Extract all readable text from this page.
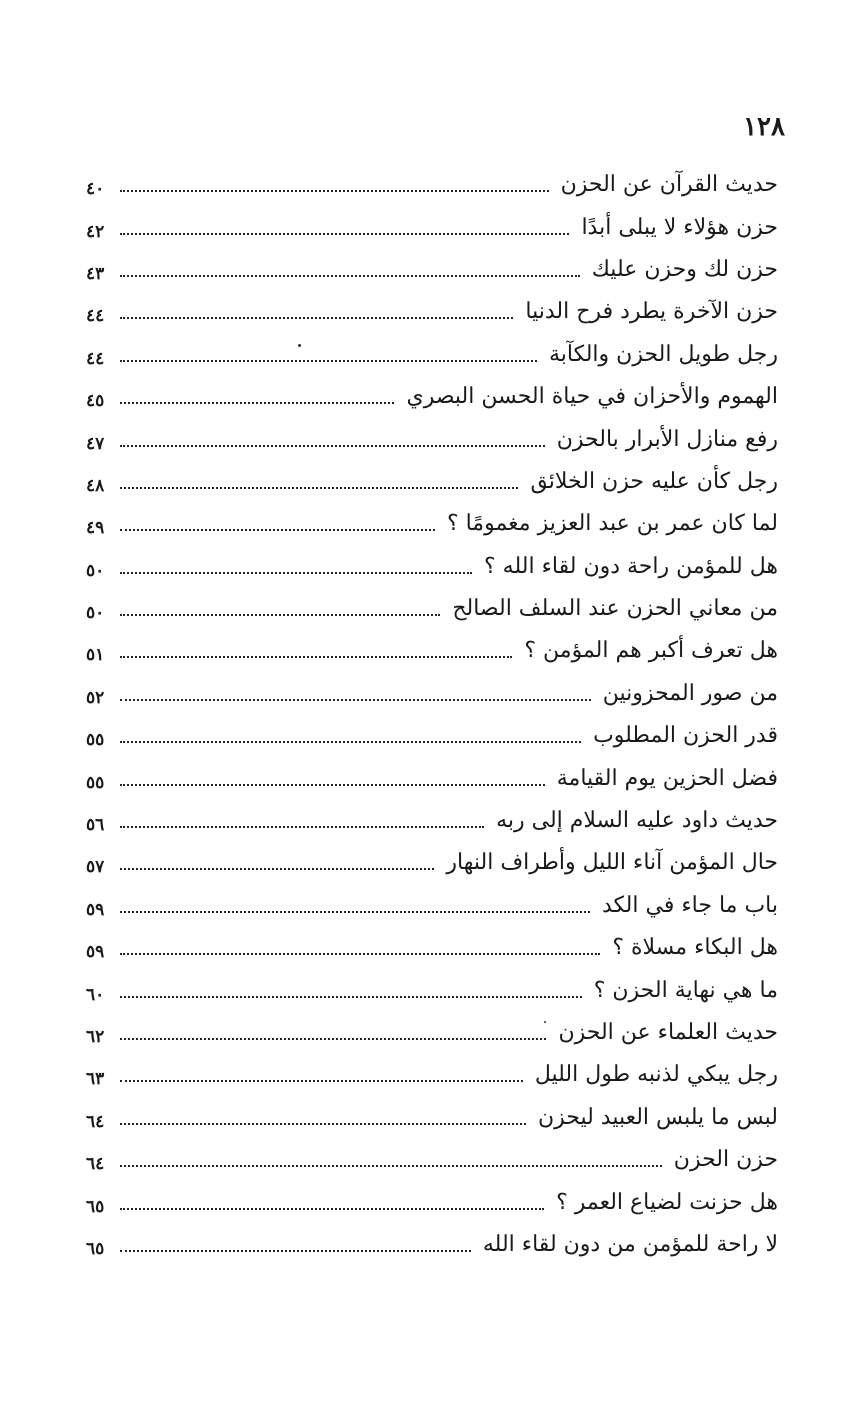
١٢٨
حديث القرآن عن الحزن
٤٠
حزن هؤلاء لا يبلى أبدًا
٤٢
حزن لك وحزن عليك
٤٣
حزن الآخرة يطرد فرح الدنيا
٤٤
رجل طويل الحزن والكآبة
٤٤
الهموم والأحزان في حياة الحسن البصري
٤٥
رفع منازل الأبرار بالحزن
٤٧
رجل كأن عليه حزن الخلائق
٤٨
لما كان عمر بن عبد العزيز مغمومًا ؟
٤٩
هل للمؤمن راحة دون لقاء الله ؟
٥٠
من معاني الحزن عند السلف الصالح
٥٠
هل تعرف أكبر هم المؤمن ؟
٥١
من صور المحزونين
٥٢
قدر الحزن المطلوب
٥٥
فضل الحزين يوم القيامة
٥٥
حديث داود عليه السلام إلى ربه
٥٦
حال المؤمن آناء الليل وأطراف النهار
٥٧
باب ما جاء في الكد
٥٩
هل البكاء مسلاة ؟
٥٩
ما هي نهاية الحزن ؟
٦٠
حديث العلماء عن الحزن
٦٢
رجل يبكي لذنبه طول الليل
٦٣
لبس ما يلبس العبيد ليحزن
٦٤
حزن الحزن
٦٤
هل حزنت لضياع العمر ؟
٦٥
لا راحة للمؤمن من دون لقاء الله
٦٥
